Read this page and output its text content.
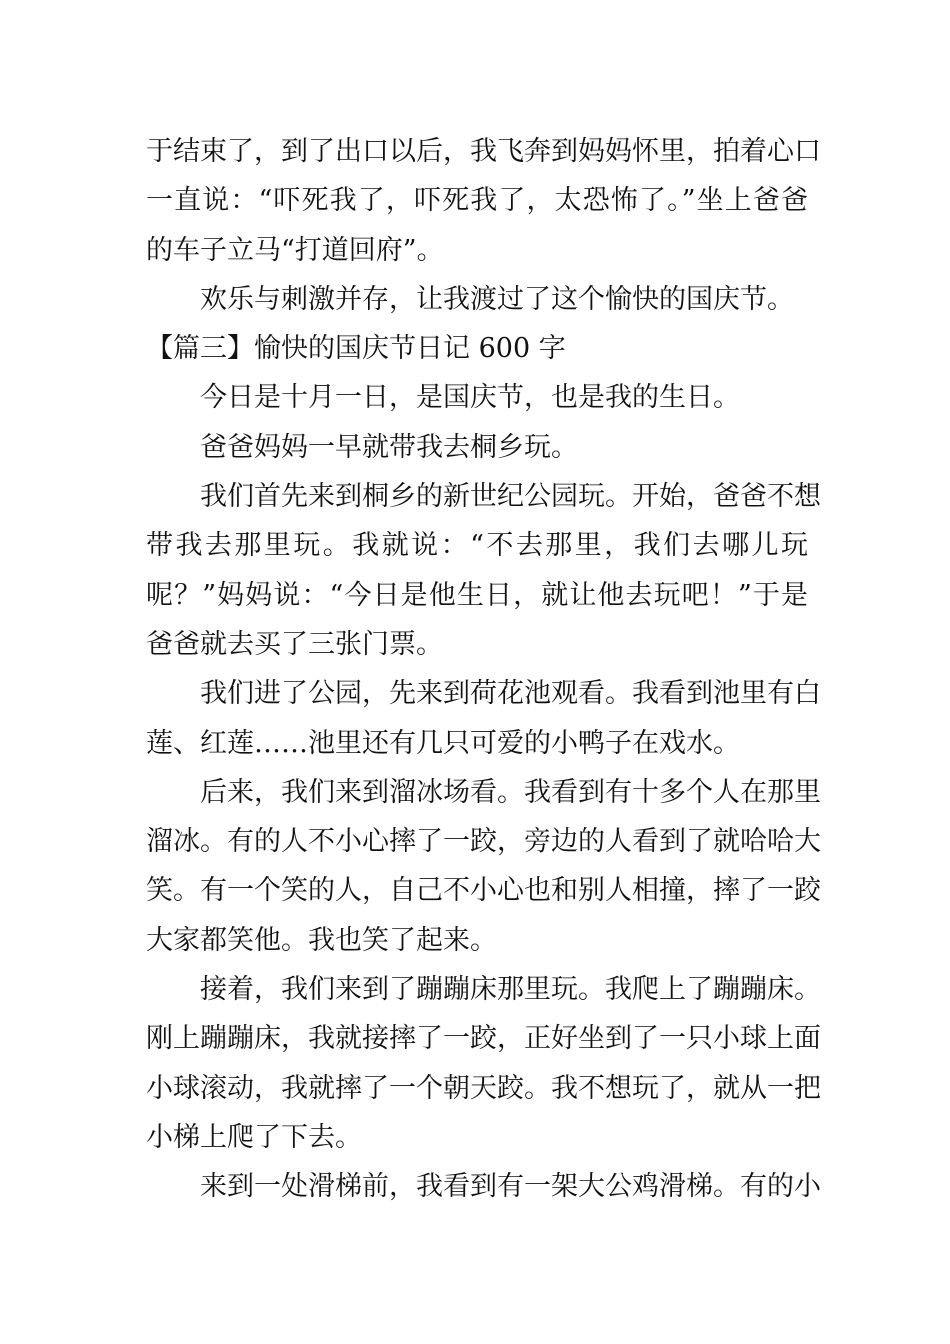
于结束了，到了出口以后，我飞奔到妈妈怀里，拍着心口
一直说：“吓死我了，吓死我了，太恐怖了。”坐上爸爸
的车子立马“打道回府”。

欢乐与刺激并存，让我渡过了这个愉快的国庆节。

【篇三】愉快的国庆节日记 600 字

今日是十月一日，是国庆节，也是我的生日。

爸爸妈妈一早就带我去桐乡玩。

我们首先来到桐乡的新世纪公园玩。开始，爸爸不想
带我去那里玩。我就说：“不去那里，我们去哪儿玩
呢？”妈妈说：“今日是他生日，就让他去玩吧！”于是
爸爸就去买了三张门票。

我们进了公园，先来到荷花池观看。我看到池里有白
莲、红莲……池里还有几只可爱的小鸭子在戏水。

后来，我们来到溜冰场看。我看到有十多个人在那里
溜冰。有的人不小心摔了一跤，旁边的人看到了就哈哈大
笑。有一个笑的人，自己不小心也和别人相撞，摔了一跤
大家都笑他。我也笑了起来。

接着，我们来到了蹦蹦床那里玩。我爬上了蹦蹦床。
刚上蹦蹦床，我就接摔了一跤，正好坐到了一只小球上面
小球滚动，我就摔了一个朝天跤。我不想玩了，就从一把
小梯上爬了下去。

来到一处滑梯前，我看到有一架大公鸡滑梯。有的小
